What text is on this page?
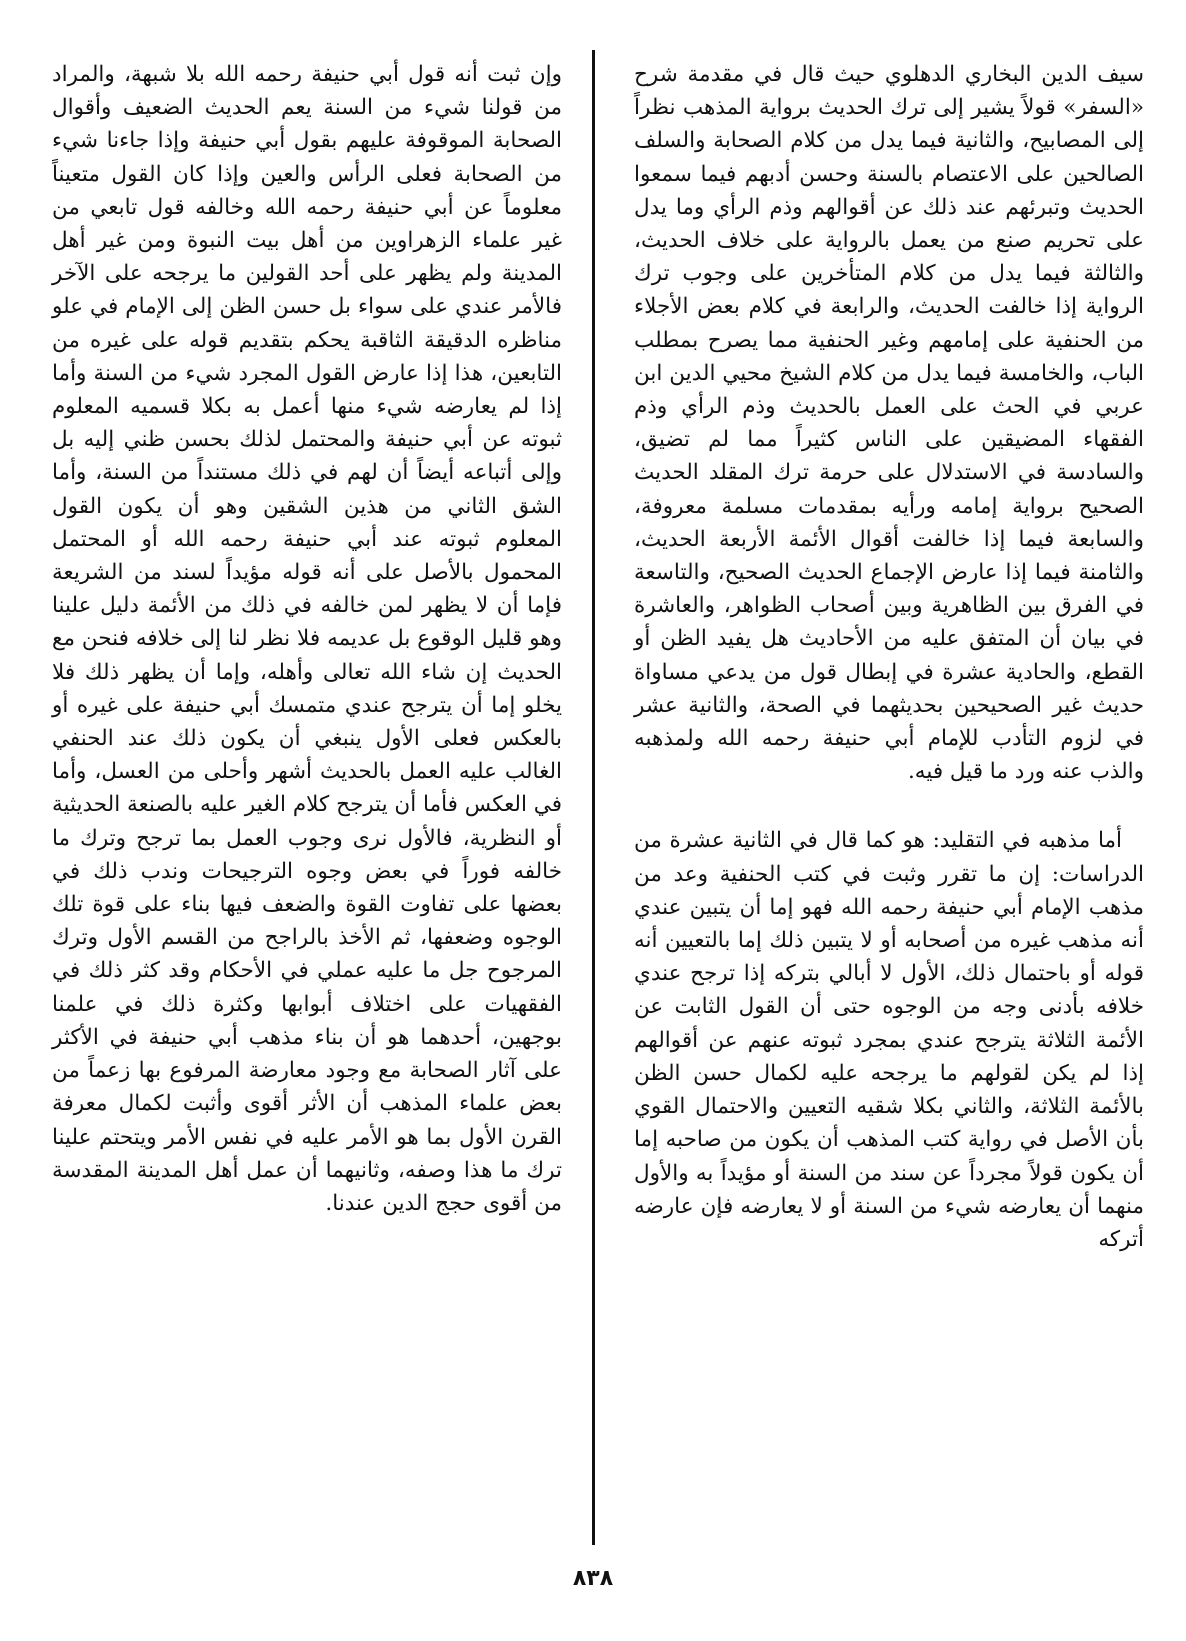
سيف الدين البخاري الدهلوي حيث قال في مقدمة شرح «السفر» قولاً يشير إلى ترك الحديث برواية المذهب نظراً إلى المصابيح، والثانية فيما يدل من كلام الصحابة والسلف الصالحين على الاعتصام بالسنة وحسن أدبهم فيما سمعوا الحديث وتبرئهم عند ذلك عن أقوالهم وذم الرأي وما يدل على تحريم صنع من يعمل بالرواية على خلاف الحديث، والثالثة فيما يدل من كلام المتأخرين على وجوب ترك الرواية إذا خالفت الحديث، والرابعة في كلام بعض الأجلاء من الحنفية على إمامهم وغير الحنفية مما يصرح بمطلب الباب، والخامسة فيما يدل من كلام الشيخ محيي الدين ابن عربي في الحث على العمل بالحديث وذم الرأي وذم الفقهاء المضيقين على الناس كثيراً مما لم تضيق، والسادسة في الاستدلال على حرمة ترك المقلد الحديث الصحيح برواية إمامه ورأيه بمقدمات مسلمة معروفة، والسابعة فيما إذا خالفت أقوال الأئمة الأربعة الحديث، والثامنة فيما إذا عارض الإجماع الحديث الصحيح، والتاسعة في الفرق بين الظاهرية وبين أصحاب الظواهر، والعاشرة في بيان أن المتفق عليه من الأحاديث هل يفيد الظن أو القطع، والحادية عشرة في إبطال قول من يدعي مساواة حديث غير الصحيحين بحديثهما في الصحة، والثانية عشر في لزوم التأدب للإمام أبي حنيفة رحمه الله ولمذهبه والذب عنه ورد ما قيل فيه.

أما مذهبه في التقليد: هو كما قال في الثانية عشرة من الدراسات: إن ما تقرر وثبت في كتب الحنفية وعد من مذهب الإمام أبي حنيفة رحمه الله فهو إما أن يتبين عندي أنه مذهب غيره من أصحابه أو لا يتبين ذلك إما بالتعيين أنه قوله أو باحتمال ذلك، الأول لا أبالي بتركه إذا ترجح عندي خلافه بأدنى وجه من الوجوه حتى أن القول الثابت عن الأئمة الثلاثة يترجح عندي بمجرد ثبوته عنهم عن أقوالهم إذا لم يكن لقولهم ما يرجحه عليه لكمال حسن الظن بالأئمة الثلاثة، والثاني بكلا شقيه التعيين والاحتمال القوي بأن الأصل في رواية كتب المذهب أن يكون من صاحبه إما أن يكون قولاً مجرداً عن سند من السنة أو مؤيداً به والأول منهما أن يعارضه شيء من السنة أو لا يعارضه فإن عارضه أتركه

وإن ثبت أنه قول أبي حنيفة رحمه الله بلا شبهة، والمراد من قولنا شيء من السنة يعم الحديث الضعيف وأقوال الصحابة الموقوفة عليهم بقول أبي حنيفة وإذا جاءنا شيء من الصحابة فعلى الرأس والعين وإذا كان القول متعيناً معلوماً عن أبي حنيفة رحمه الله وخالفه قول تابعي من غير علماء الزهراوين من أهل بيت النبوة ومن غير أهل المدينة ولم يظهر على أحد القولين ما يرجحه على الآخر فالأمر عندي على سواء بل حسن الظن إلى الإمام في علو مناظره الدقيقة الثاقبة يحكم بتقديم قوله على غيره من التابعين، هذا إذا عارض القول المجرد شيء من السنة وأما إذا لم يعارضه شيء منها أعمل به بكلا قسميه المعلوم ثبوته عن أبي حنيفة والمحتمل لذلك بحسن ظني إليه بل وإلى أتباعه أيضاً أن لهم في ذلك مستنداً من السنة، وأما الشق الثاني من هذين الشقين وهو أن يكون القول المعلوم ثبوته عند أبي حنيفة رحمه الله أو المحتمل المحمول بالأصل على أنه قوله مؤيداً لسند من الشريعة فإما أن لا يظهر لمن خالفه في ذلك من الأئمة دليل علينا وهو قليل الوقوع بل عديمه فلا نظر لنا إلى خلافه فنحن مع الحديث إن شاء الله تعالى وأهله، وإما أن يظهر ذلك فلا يخلو إما أن يترجح عندي متمسك أبي حنيفة على غيره أو بالعكس فعلى الأول ينبغي أن يكون ذلك عند الحنفي الغالب عليه العمل بالحديث أشهر وأحلى من العسل، وأما في العكس فأما أن يترجح كلام الغير عليه بالصنعة الحديثية أو النظرية، فالأول نرى وجوب العمل بما ترجح وترك ما خالفه فوراً في بعض وجوه الترجيحات وندب ذلك في بعضها على تفاوت القوة والضعف فيها بناء على قوة تلك الوجوه وضعفها، ثم الأخذ بالراجح من القسم الأول وترك المرجوح جل ما عليه عملي في الأحكام وقد كثر ذلك في الفقهيات على اختلاف أبوابها وكثرة ذلك في علمنا بوجهين، أحدهما هو أن بناء مذهب أبي حنيفة في الأكثر على آثار الصحابة مع وجود معارضة المرفوع بها زعماً من بعض علماء المذهب أن الأثر أقوى وأثبت لكمال معرفة القرن الأول بما هو الأمر عليه في نفس الأمر ويتحتم علينا ترك ما هذا وصفه، وثانيهما أن عمل أهل المدينة المقدسة من أقوى حجج الدين عندنا.

٨٣٨
